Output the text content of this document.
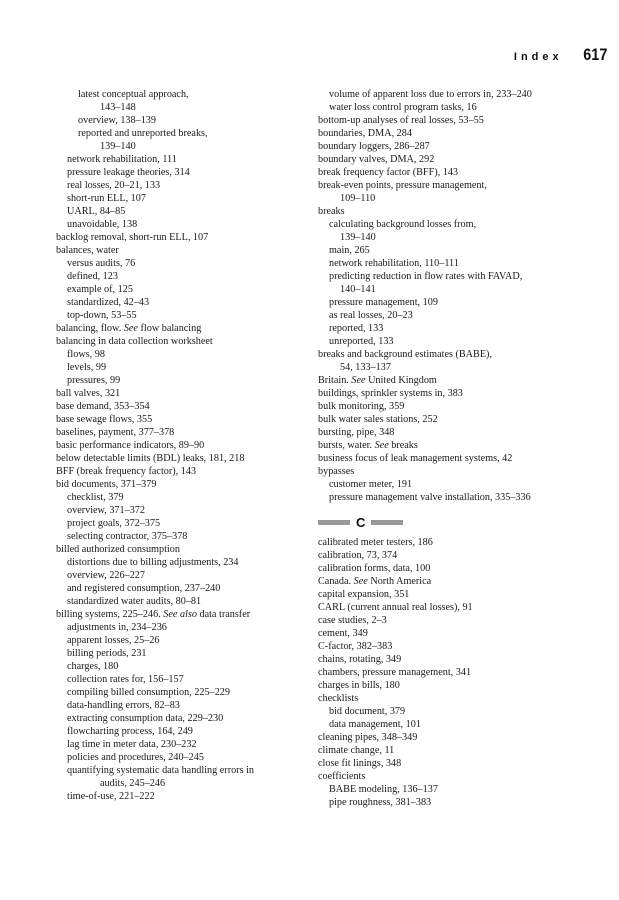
Index 617
latest conceptual approach,
143–148
overview, 138–139
reported and unreported breaks,
139–140
network rehabilitation, 111
pressure leakage theories, 314
real losses, 20–21, 133
short-run ELL, 107
UARL, 84–85
unavoidable, 138
backlog removal, short-run ELL, 107
balances, water
versus audits, 76
defined, 123
example of, 125
standardized, 42–43
top-down, 53–55
balancing, flow. See flow balancing
balancing in data collection worksheet
flows, 98
levels, 99
pressures, 99
ball valves, 321
base demand, 353–354
base sewage flows, 355
baselines, payment, 377–378
basic performance indicators, 89–90
below detectable limits (BDL) leaks, 181, 218
BFF (break frequency factor), 143
bid documents, 371–379
checklist, 379
overview, 371–372
project goals, 372–375
selecting contractor, 375–378
billed authorized consumption
distortions due to billing adjustments, 234
overview, 226–227
and registered consumption, 237–240
standardized water audits, 80–81
billing systems, 225–246. See also data transfer
adjustments in, 234–236
apparent losses, 25–26
billing periods, 231
charges, 180
collection rates for, 156–157
compiling billed consumption, 225–229
data-handling errors, 82–83
extracting consumption data, 229–230
flowcharting process, 164, 249
lag time in meter data, 230–232
policies and procedures, 240–245
quantifying systematic data handling errors in
audits, 245–246
time-of-use, 221–222
volume of apparent loss due to errors in, 233–240
water loss control program tasks, 16
bottom-up analyses of real losses, 53–55
boundaries, DMA, 284
boundary loggers, 286–287
boundary valves, DMA, 292
break frequency factor (BFF), 143
break-even points, pressure management,
109–110
breaks
calculating background losses from,
139–140
main, 265
network rehabilitation, 110–111
predicting reduction in flow rates with FAVAD,
140–141
pressure management, 109
as real losses, 20–23
reported, 133
unreported, 133
breaks and background estimates (BABE),
54, 133–137
Britain. See United Kingdom
buildings, sprinkler systems in, 383
bulk monitoring, 359
bulk water sales stations, 252
bursting, pipe, 348
bursts, water. See breaks
business focus of leak management systems, 42
bypasses
customer meter, 191
pressure management valve installation, 335–336
C
calibrated meter testers, 186
calibration, 73, 374
calibration forms, data, 100
Canada. See North America
capital expansion, 351
CARL (current annual real losses), 91
case studies, 2–3
cement, 349
C-factor, 382–383
chains, rotating, 349
chambers, pressure management, 341
charges in bills, 180
checklists
bid document, 379
data management, 101
cleaning pipes, 348–349
climate change, 11
close fit linings, 348
coefficients
BABE modeling, 136–137
pipe roughness, 381–383
